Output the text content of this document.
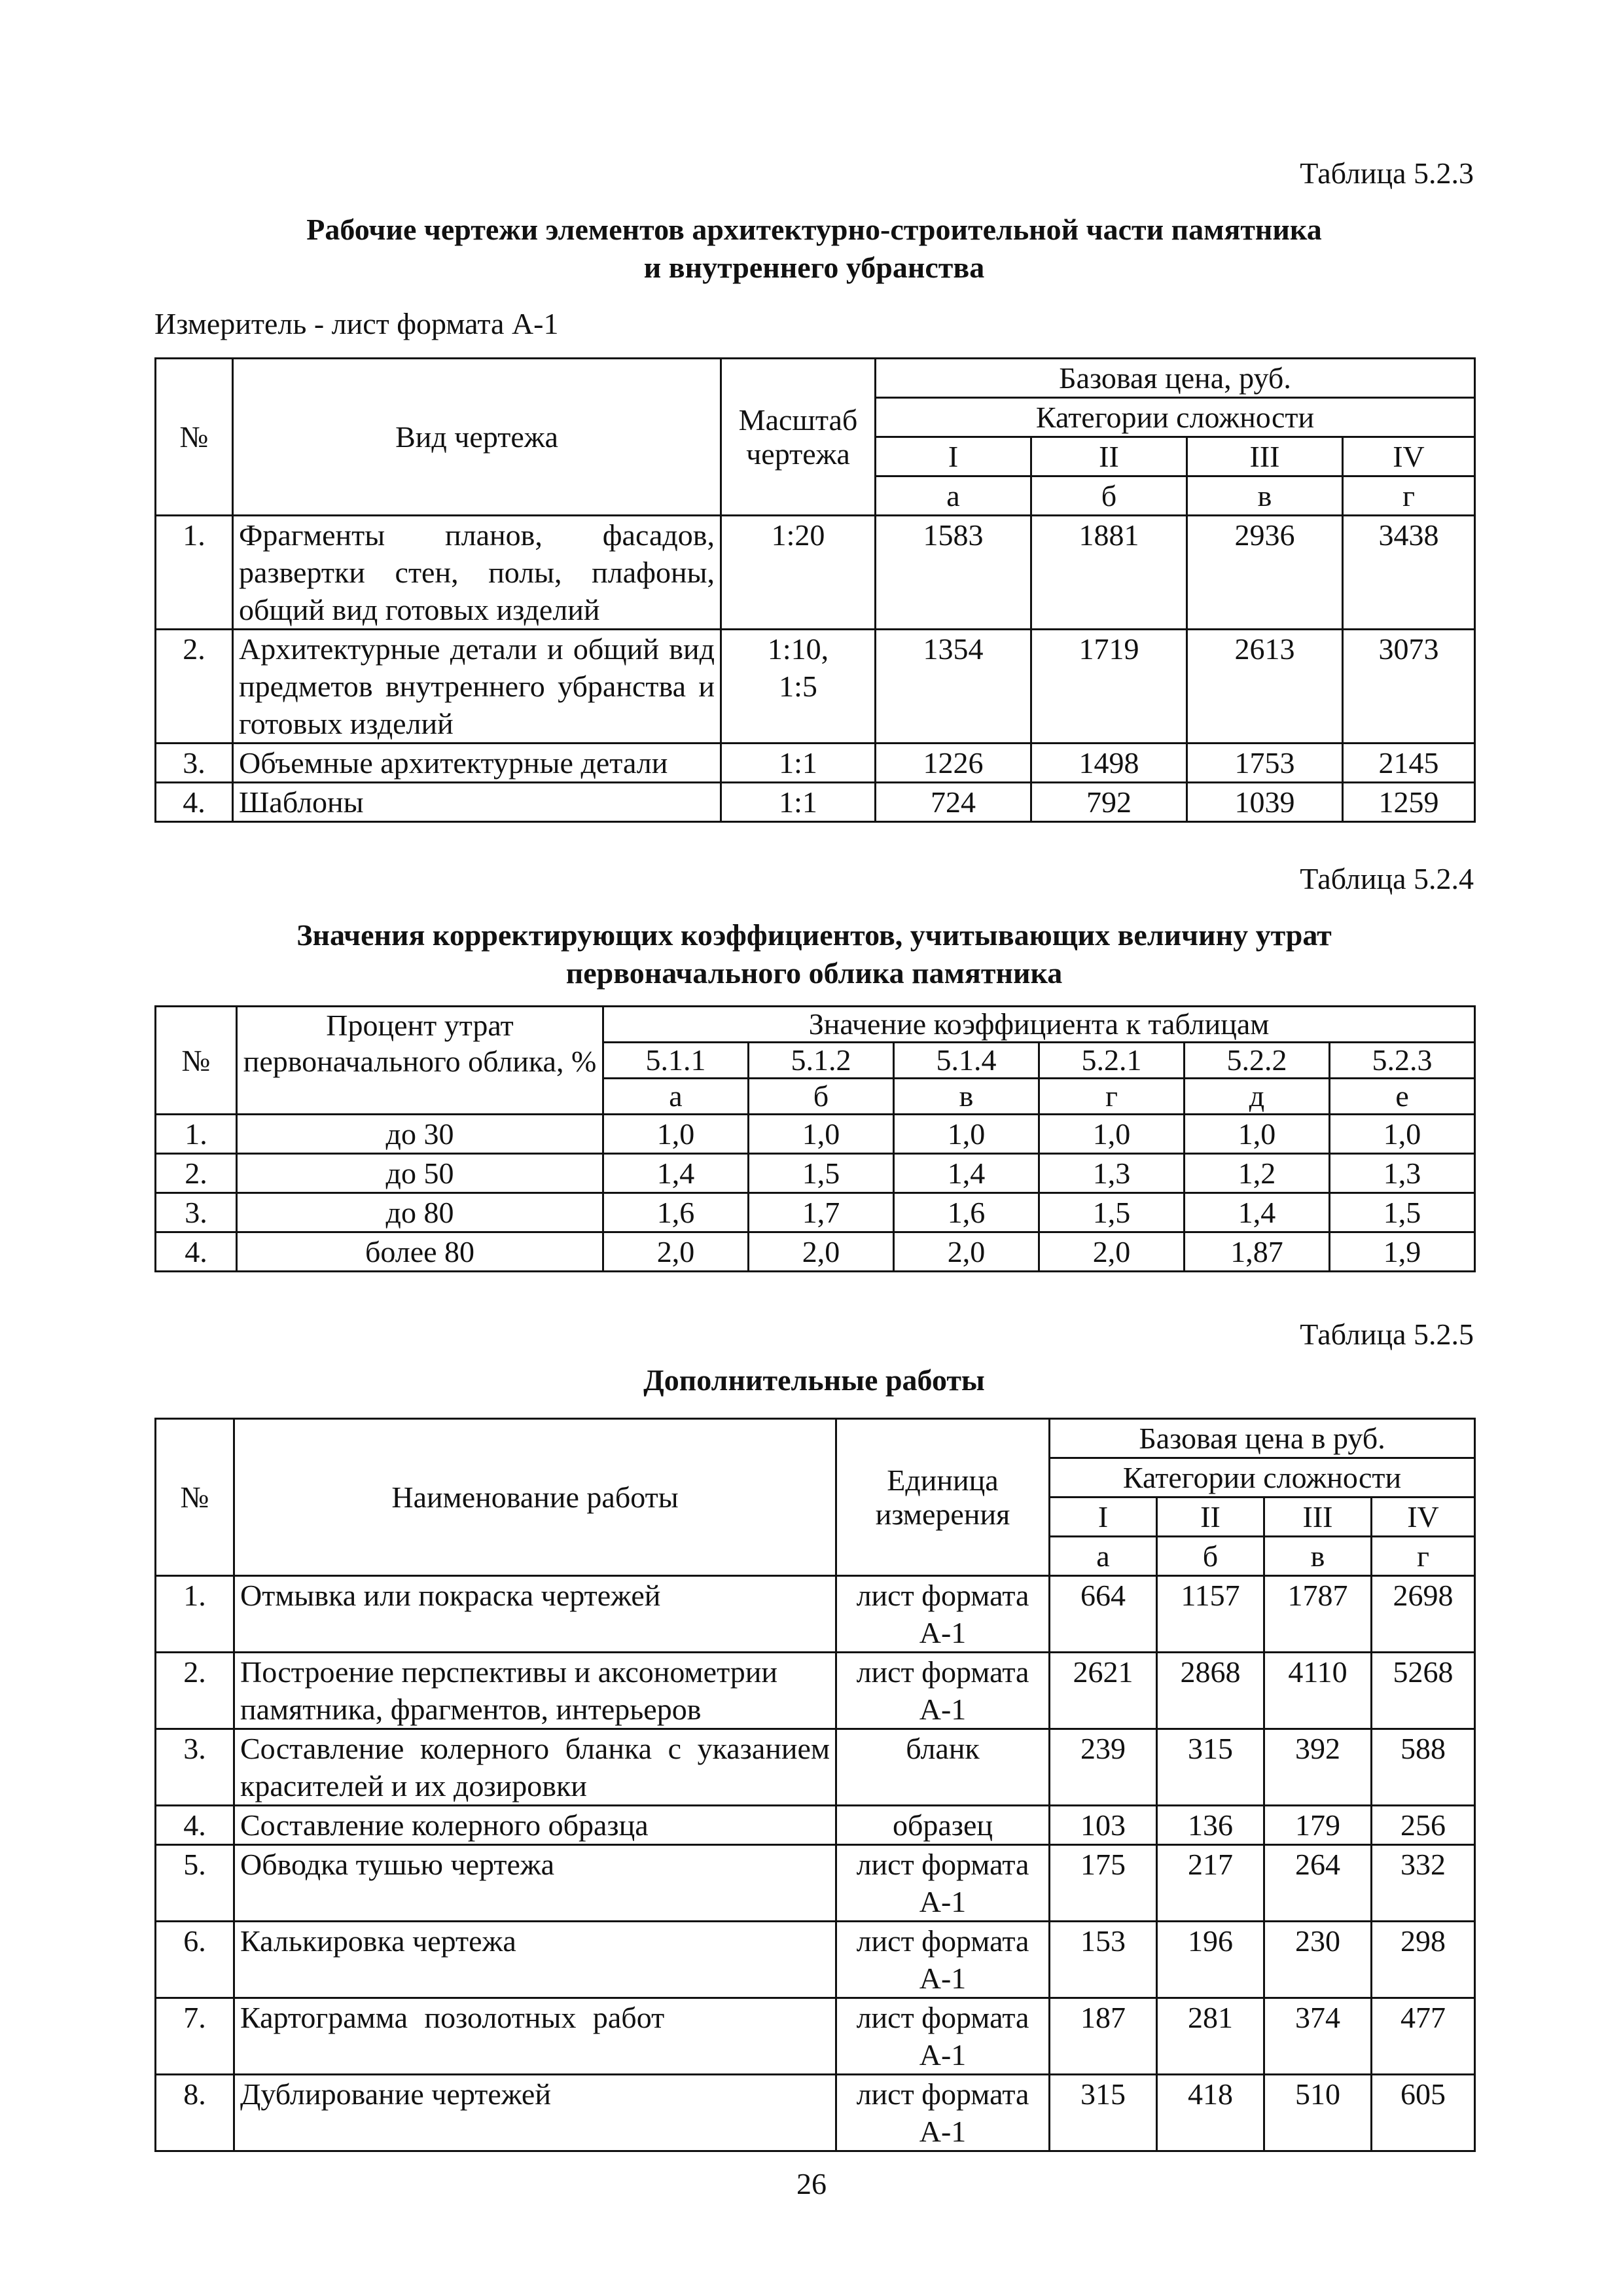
Таблица 5.2.3
Рабочие чертежи элементов архитектурно-строительной части памятника
и внутреннего убранства
Измеритель - лист формата А-1
№	Вид чертежа	Масштаб чертежа	Базовая цена, руб.			
			Категории сложности			
			I	II	III	IV
			а	б	в	г
1.	Фрагменты планов, фасадов, развертки стен, полы, плафоны, общий вид готовых изделий	1:20	1583	1881	2936	3438
2.	Архитектурные детали и общий вид предметов внутреннего убранства и готовых изделий	1:10, 1:5	1354	1719	2613	3073
3.	Объемные архитектурные детали	1:1	1226	1498	1753	2145
4.	Шаблоны	1:1	724	792	1039	1259
Таблица 5.2.4
Значения корректирующих коэффициентов, учитывающих величину утрат
первоначального облика памятника
№	Процент утрат первоначального облика, %	Значение коэффициента к таблицам					
		5.1.1	5.1.2	5.1.4	5.2.1	5.2.2	5.2.3
		а	б	в	г	д	е
1.	до 30	1,0	1,0	1,0	1,0	1,0	1,0
2.	до 50	1,4	1,5	1,4	1,3	1,2	1,3
3.	до 80	1,6	1,7	1,6	1,5	1,4	1,5
4.	более 80	2,0	2,0	2,0	2,0	1,87	1,9
Таблица 5.2.5
Дополнительные работы
№	Наименование работы	Единица измерения	Базовая цена в руб.			
			Категории сложности			
			I	II	III	IV
			а	б	в	г
1.	Отмывка или покраска чертежей	лист формата А-1	664	1157	1787	2698
2.	Построение перспективы и аксонометрии памятника, фрагментов, интерьеров	лист формата А-1	2621	2868	4110	5268
3.	Составление колерного бланка с указанием красителей и их дозировки	бланк	239	315	392	588
4.	Составление колерного образца	образец	103	136	179	256
5.	Обводка тушью чертежа	лист формата А-1	175	217	264	332
6.	Калькировка чертежа	лист формата А-1	153	196	230	298
7.	Картограмма позолотных работ	лист формата А-1	187	281	374	477
8.	Дублирование чертежей	лист формата А-1	315	418	510	605
26
